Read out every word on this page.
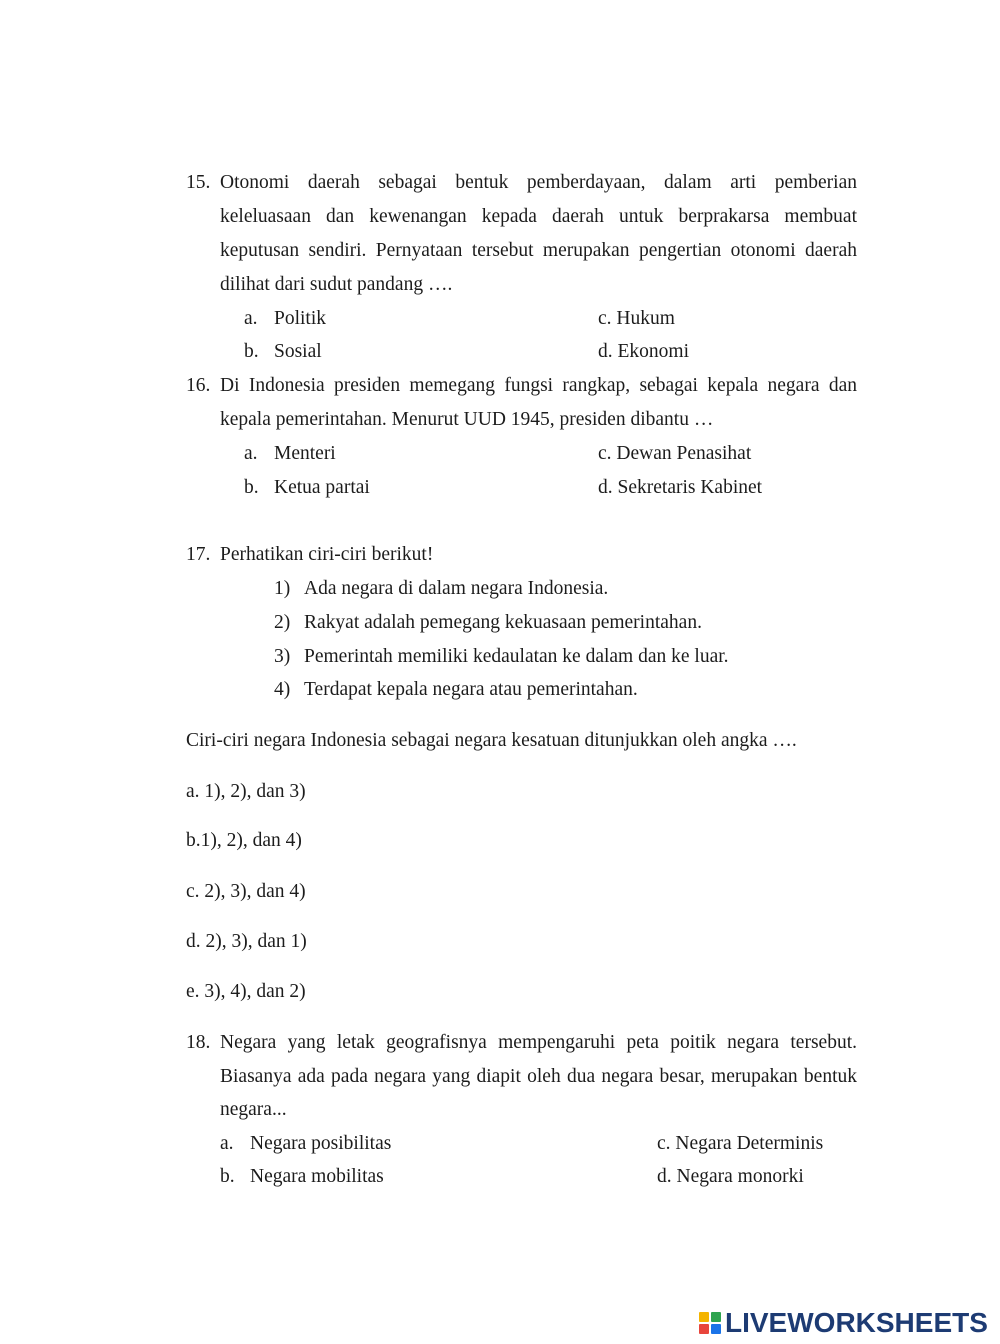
15. Otonomi daerah sebagai bentuk pemberdayaan, dalam arti pemberian
keleluasaan dan kewenangan kepada daerah untuk berprakarsa membuat
keputusan sendiri. Pernyataan tersebut merupakan pengertian otonomi daerah
dilihat dari sudut pandang ….
a. Politik
b. Sosial
c. Hukum
d. Ekonomi
16. Di Indonesia presiden memegang fungsi rangkap, sebagai kepala negara dan
kepala pemerintahan. Menurut UUD 1945, presiden dibantu …
a. Menteri
b. Ketua partai
c. Dewan Penasihat
d. Sekretaris Kabinet
17. Perhatikan ciri-ciri berikut!
1) Ada negara di dalam negara Indonesia.
2) Rakyat adalah pemegang kekuasaan pemerintahan.
3) Pemerintah memiliki kedaulatan ke dalam dan ke luar.
4) Terdapat kepala negara atau pemerintahan.
Ciri-ciri negara Indonesia sebagai negara kesatuan ditunjukkan oleh angka ….
a. 1), 2), dan 3)
b.1), 2), dan 4)
c. 2), 3), dan 4)
d. 2), 3), dan 1)
e. 3), 4), dan 2)
18. Negara yang letak geografisnya mempengaruhi peta poitik negara tersebut.
Biasanya ada pada negara yang diapit oleh dua negara besar, merupakan bentuk
negara...
a. Negara posibilitas
b. Negara mobilitas
c. Negara Determinis
d. Negara monorki
LIVEWORKSHEETS
